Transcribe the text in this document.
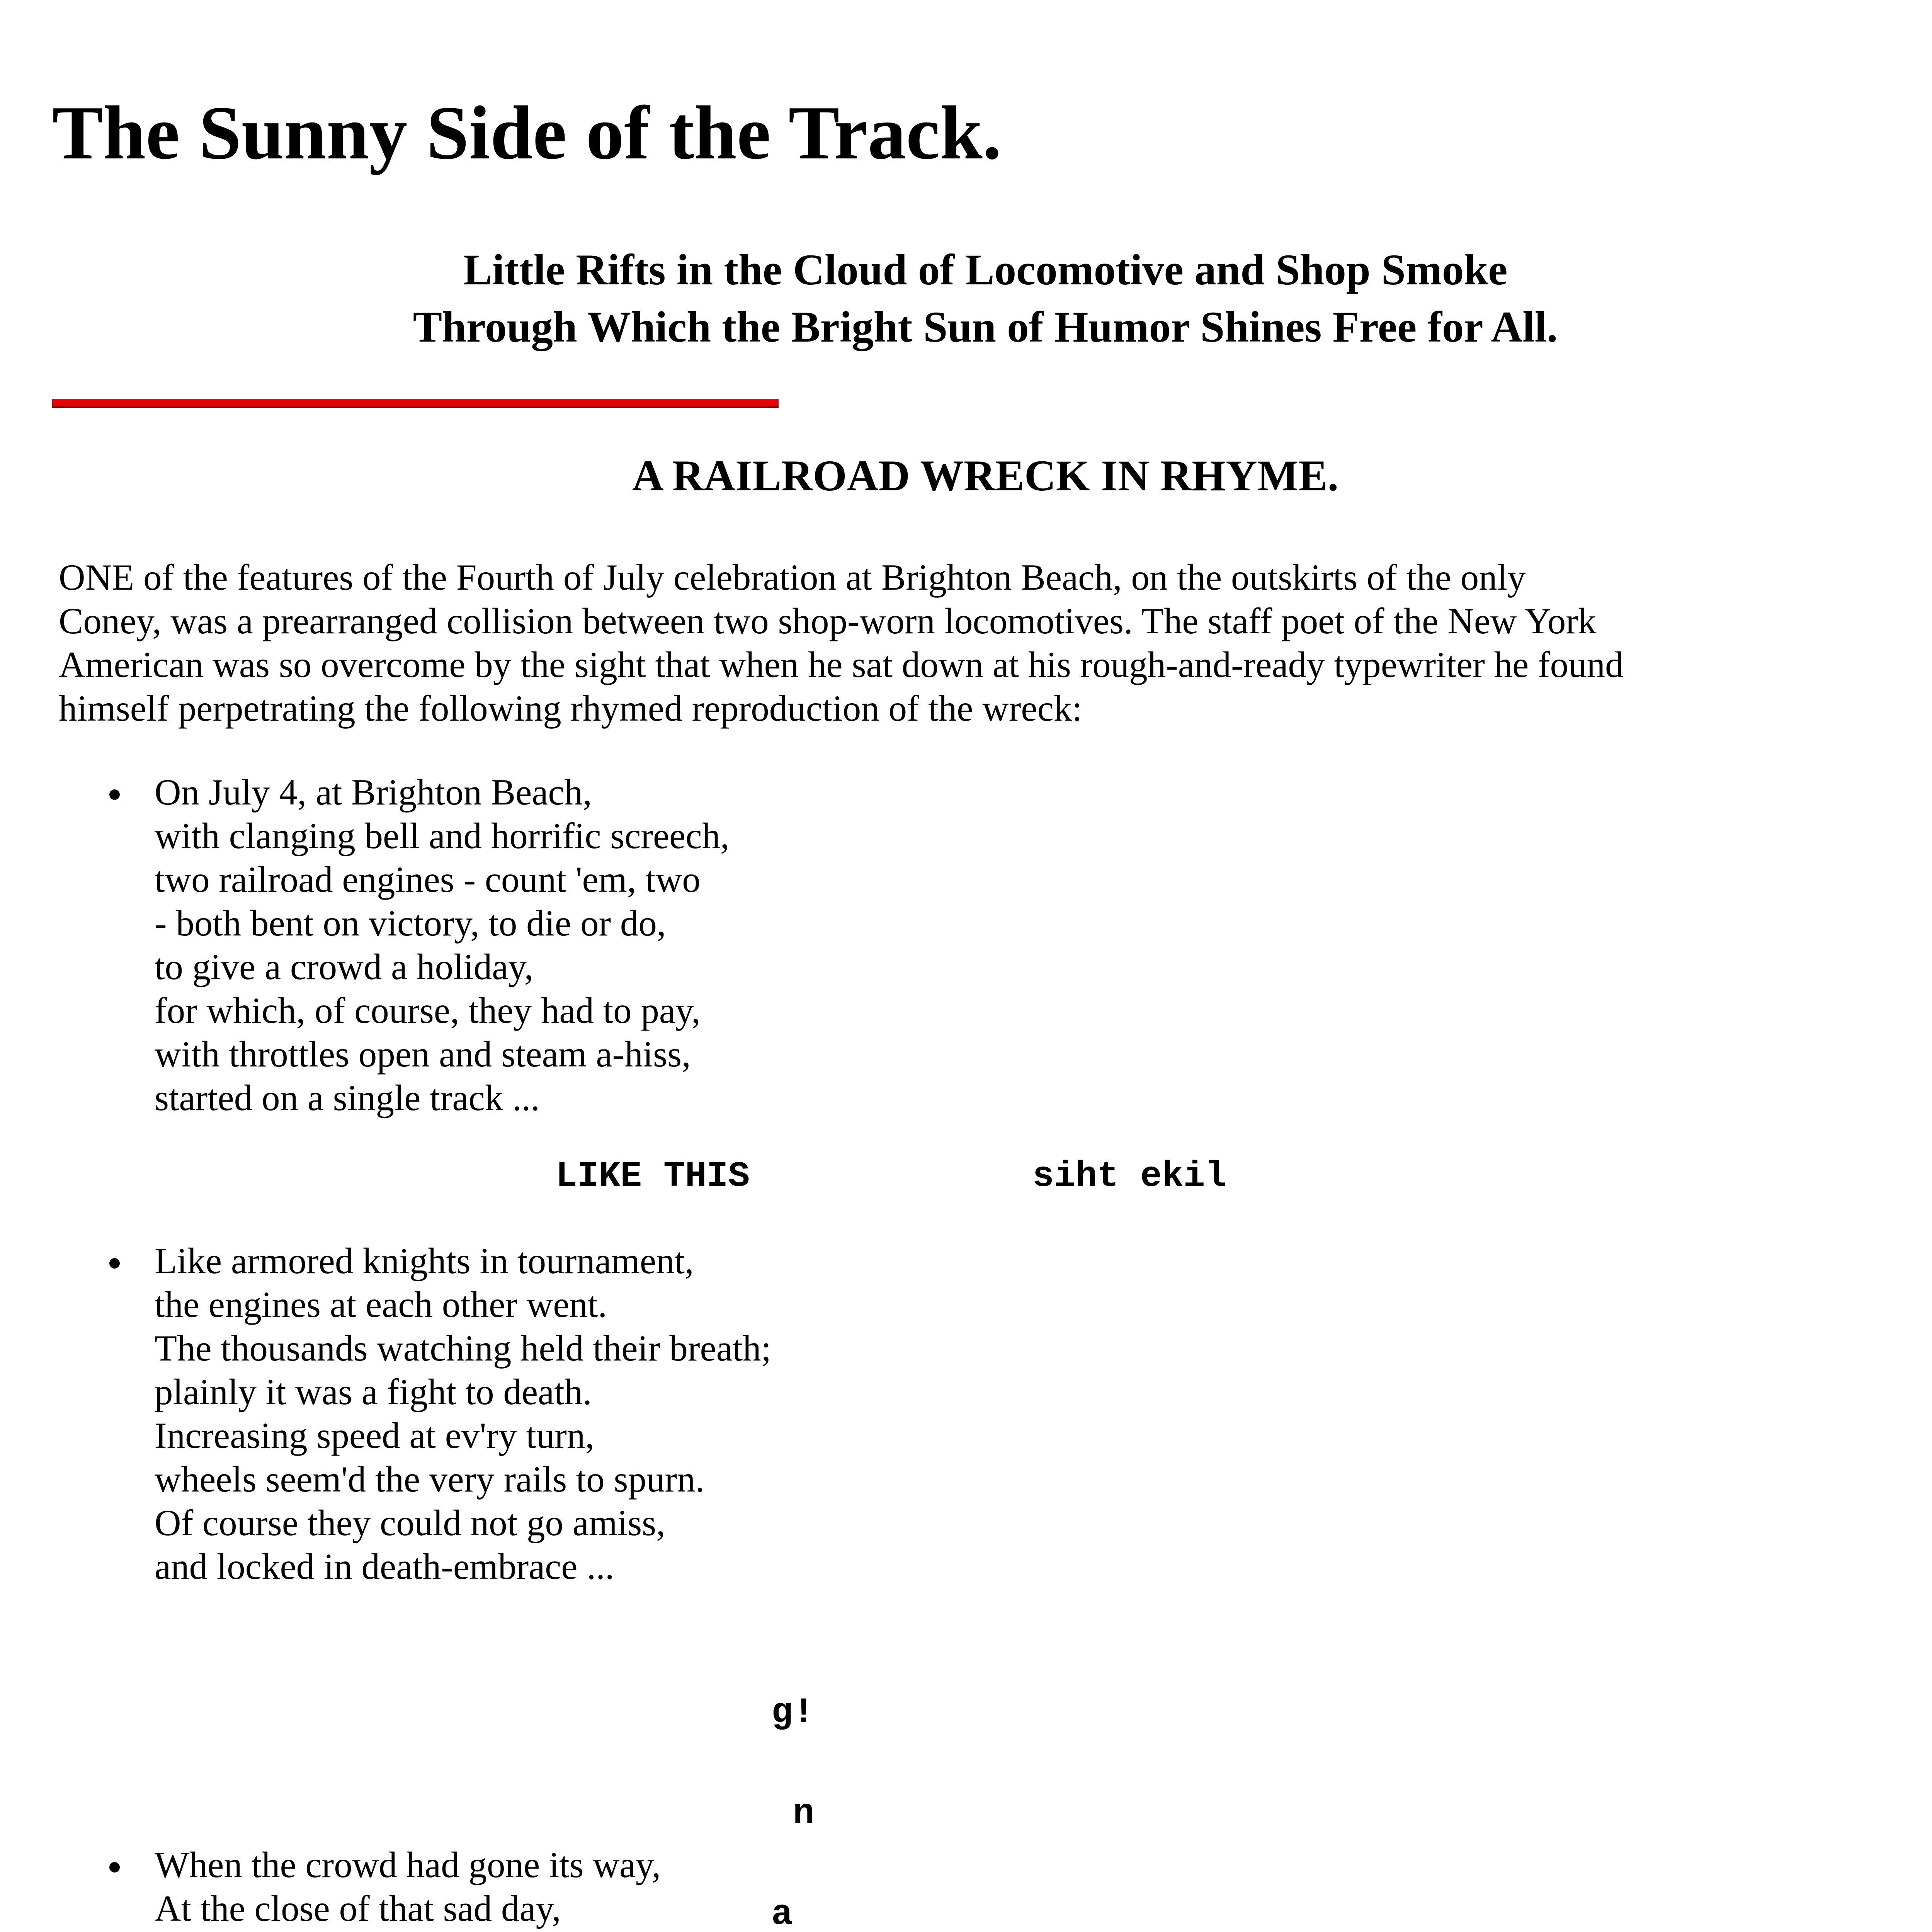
The Sunny Side of the Track.
Little Rifts in the Cloud of Locomotive and Shop Smoke
Through Which the Bright Sun of Humor Shines Free for All.
A RAILROAD WRECK IN RHYME.

ONE of the features of the Fourth of July celebration at Brighton Beach, on the outskirts of the only
Coney, was a prearranged collision between two shop-worn locomotives. The staff poet of the New York
American was so overcome by the sight that when he sat down at his rough-and-ready typewriter he found
himself perpetrating the following rhymed reproduction of the wreck:

On July 4, at Brighton Beach,
with clanging bell and horrific screech,
two railroad engines - count 'em, two
- both bent on victory, to die or do,
to give a crowd a holiday,
for which, of course, they had to pay,
with throttles open and steam a-hiss,
started on a single track ...
LIKE THIS	siht ekil
Like armored knights in tournament,
the engines at each other went.
The thousands watching held their breath;
plainly it was a fight to death.
Increasing speed at ev'ry turn,
wheels seem'd the very rails to spurn.
Of course they could not go amiss,
and locked in death-embrace ...

g!

n

a

When the crowd had gone its way,
At the close of that sad day,
